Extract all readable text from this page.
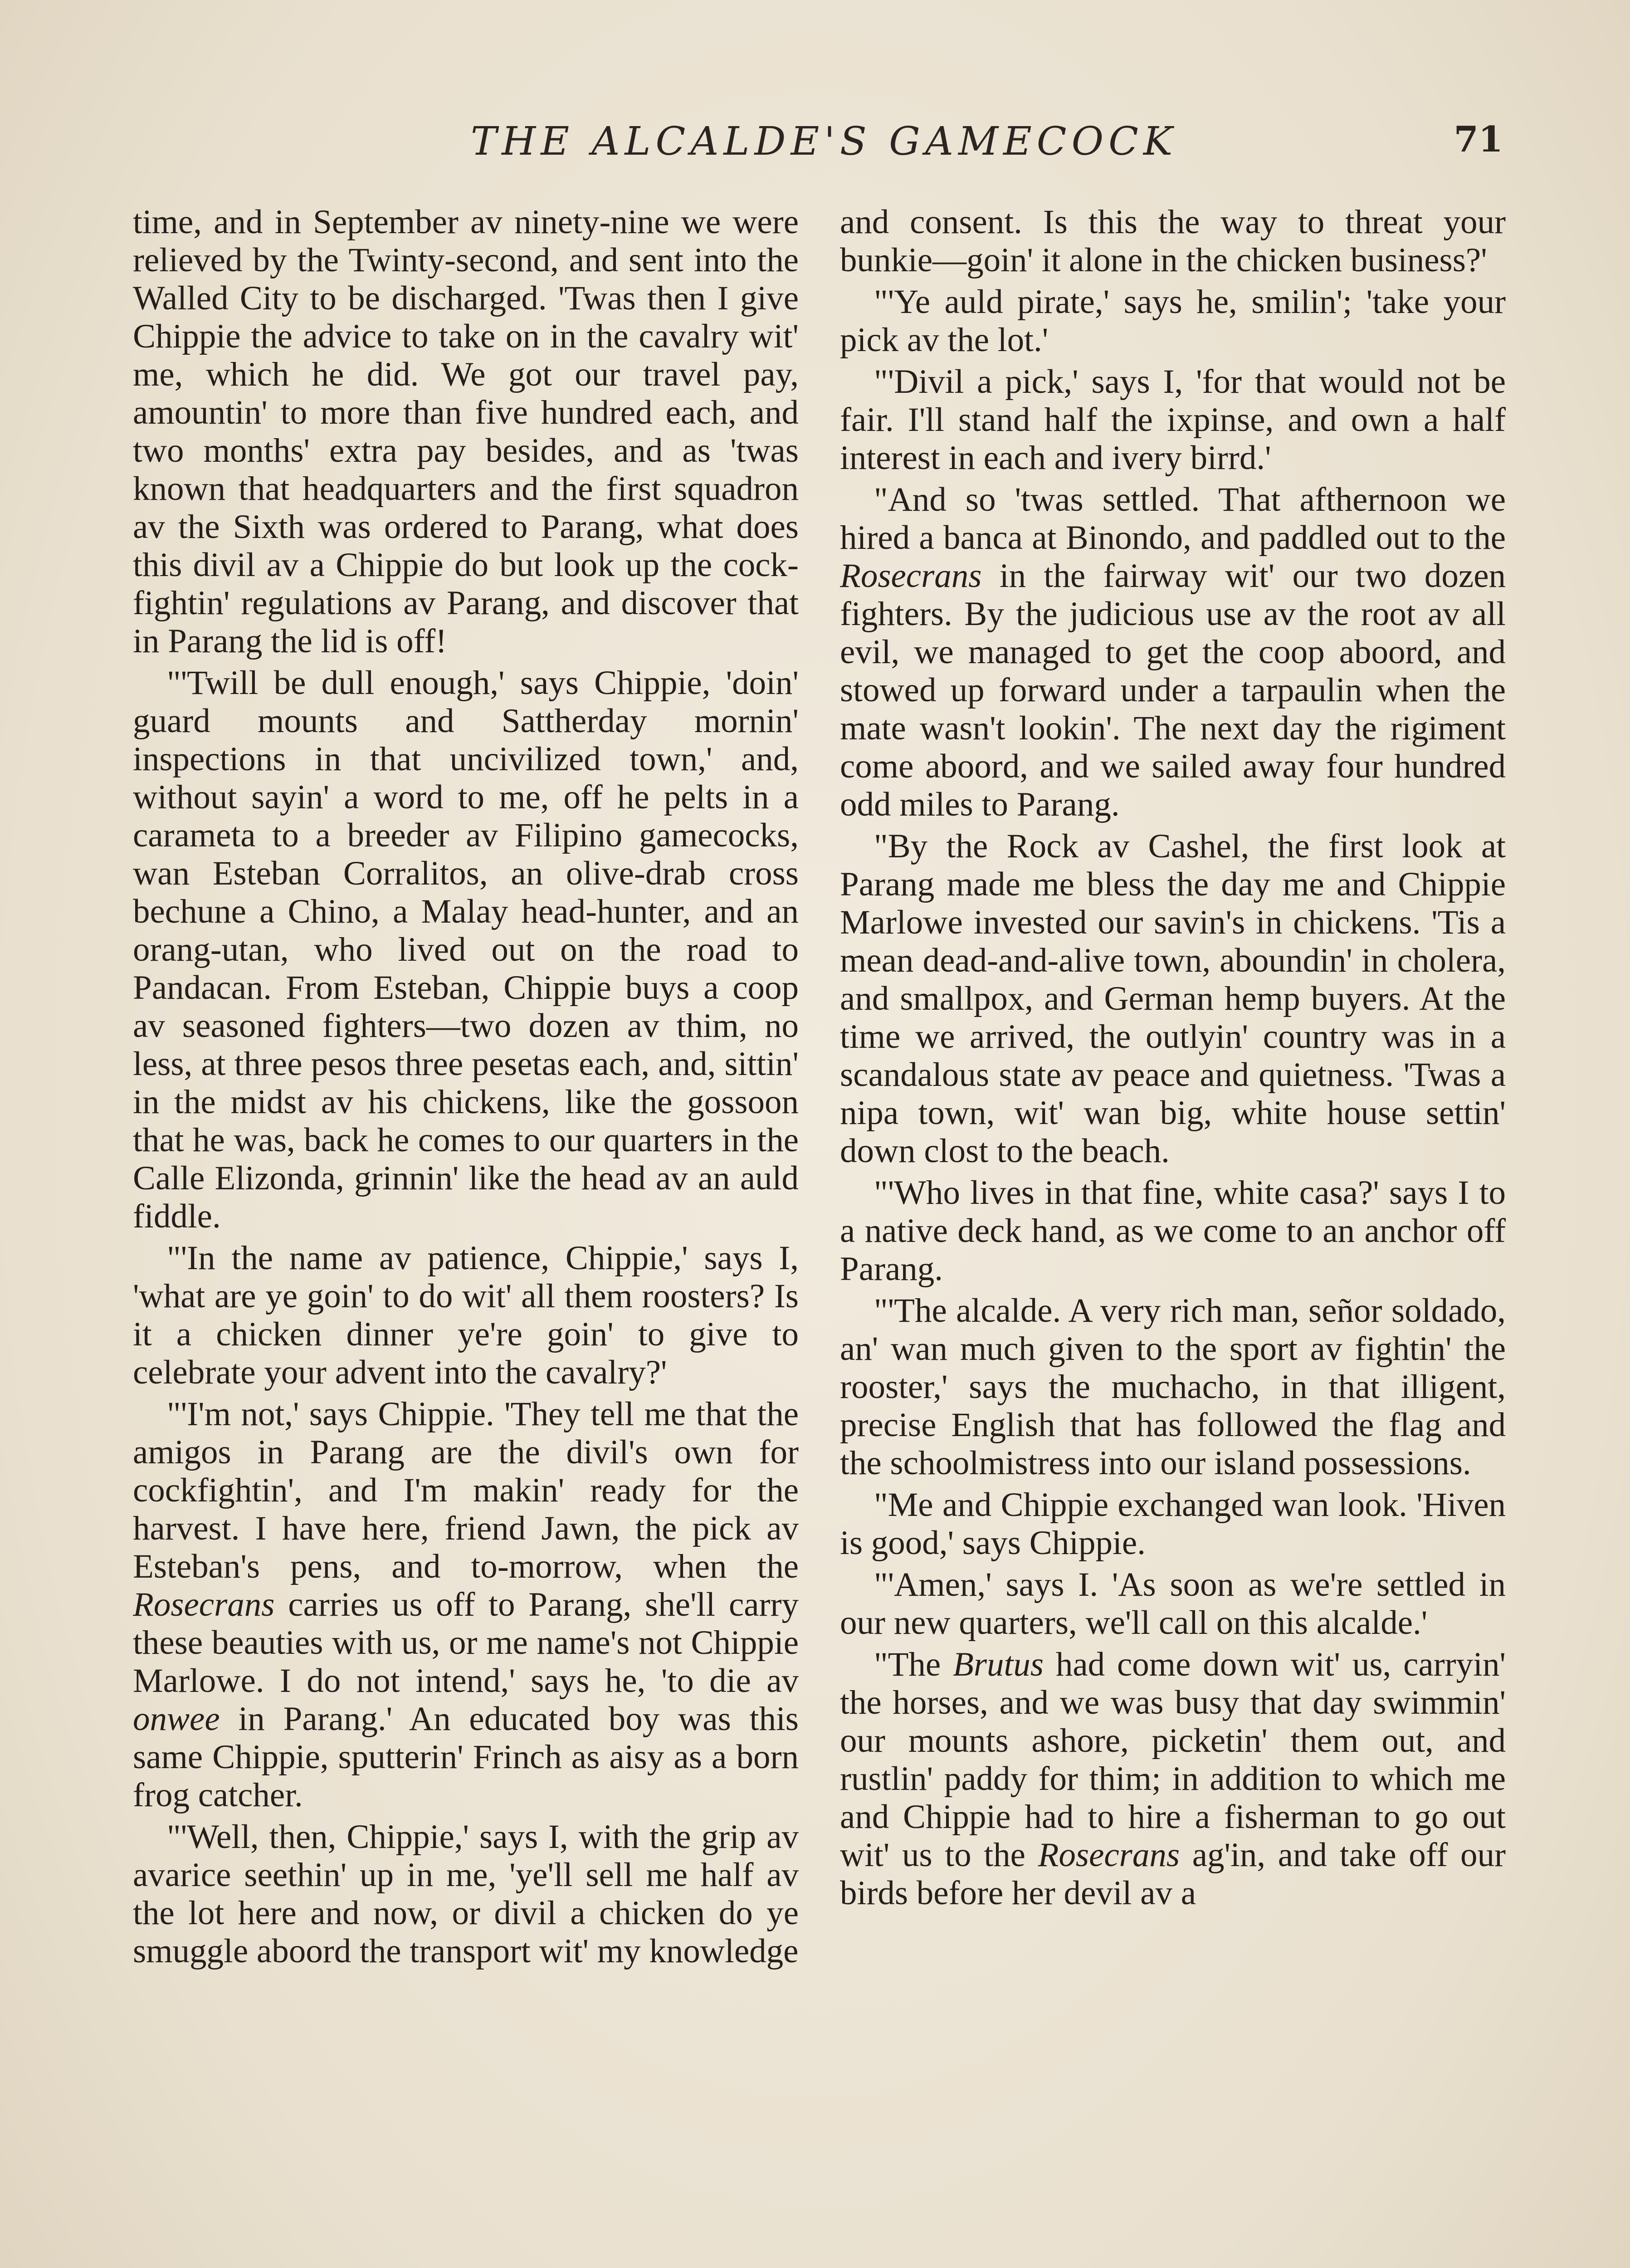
THE ALCALDE'S GAMECOCK	71

time, and in September av ninety-nine we were relieved by the Twinty-second, and sent into the Walled City to be discharged. 'Twas then I give Chippie the advice to take on in the cavalry wit' me, which he did. We got our travel pay, amountin' to more than five hundred each, and two months' extra pay besides, and as 'twas known that headquarters and the first squadron av the Sixth was ordered to Parang, what does this divil av a Chippie do but look up the cock-fightin' regulations av Parang, and discover that in Parang the lid is off!

"'Twill be dull enough,' says Chippie, 'doin' guard mounts and Sattherday mornin' inspections in that uncivilized town,' and, without sayin' a word to me, off he pelts in a carameta to a breeder av Filipino gamecocks, wan Esteban Corralitos, an olive-drab cross bechune a Chino, a Malay head-hunter, and an orang-utan, who lived out on the road to Pandacan. From Esteban, Chippie buys a coop av seasoned fighters—two dozen av thim, no less, at three pesos three pesetas each, and, sittin' in the midst av his chickens, like the gossoon that he was, back he comes to our quarters in the Calle Elizonda, grinnin' like the head av an auld fiddle.

"'In the name av patience, Chippie,' says I, 'what are ye goin' to do wit' all them roosters? Is it a chicken dinner ye're goin' to give to celebrate your advent into the cavalry?'

"'I'm not,' says Chippie. 'They tell me that the amigos in Parang are the divil's own for cockfightin', and I'm makin' ready for the harvest. I have here, friend Jawn, the pick av Esteban's pens, and to-morrow, when the Rosecrans carries us off to Parang, she'll carry these beauties with us, or me name's not Chippie Marlowe. I do not intend,' says he, 'to die av onwee in Parang.' An educated boy was this same Chippie, sputterin' Frinch as aisy as a born frog catcher.

"'Well, then, Chippie,' says I, with the grip av avarice seethin' up in me, 'ye'll sell me half av the lot here and now, or divil a chicken do ye smuggle aboord the transport wit' my knowledge

and consent. Is this the way to threat your bunkie—goin' it alone in the chicken business?'

"'Ye auld pirate,' says he, smilin'; 'take your pick av the lot.'

"'Divil a pick,' says I, 'for that would not be fair. I'll stand half the ixpinse, and own a half interest in each and ivery birrd.'

"And so 'twas settled. That afthernoon we hired a banca at Binondo, and paddled out to the Rosecrans in the fairway wit' our two dozen fighters. By the judicious use av the root av all evil, we managed to get the coop aboord, and stowed up forward under a tarpaulin when the mate wasn't lookin'. The next day the rigiment come aboord, and we sailed away four hundred odd miles to Parang.

"By the Rock av Cashel, the first look at Parang made me bless the day me and Chippie Marlowe invested our savin's in chickens. 'Tis a mean dead-and-alive town, aboundin' in cholera, and smallpox, and German hemp buyers. At the time we arrived, the outlyin' country was in a scandalous state av peace and quietness. 'Twas a nipa town, wit' wan big, white house settin' down clost to the beach.

"'Who lives in that fine, white casa?' says I to a native deck hand, as we come to an anchor off Parang.

"'The alcalde. A very rich man, señor soldado, an' wan much given to the sport av fightin' the rooster,' says the muchacho, in that illigent, precise English that has followed the flag and the schoolmistress into our island possessions.

"Me and Chippie exchanged wan look. 'Hiven is good,' says Chippie.

"'Amen,' says I. 'As soon as we're settled in our new quarters, we'll call on this alcalde.'

"The Brutus had come down wit' us, carryin' the horses, and we was busy that day swimmin' our mounts ashore, picketin' them out, and rustlin' paddy for thim; in addition to which me and Chippie had to hire a fisherman to go out wit' us to the Rosecrans ag'in, and take off our birds before her devil av a
